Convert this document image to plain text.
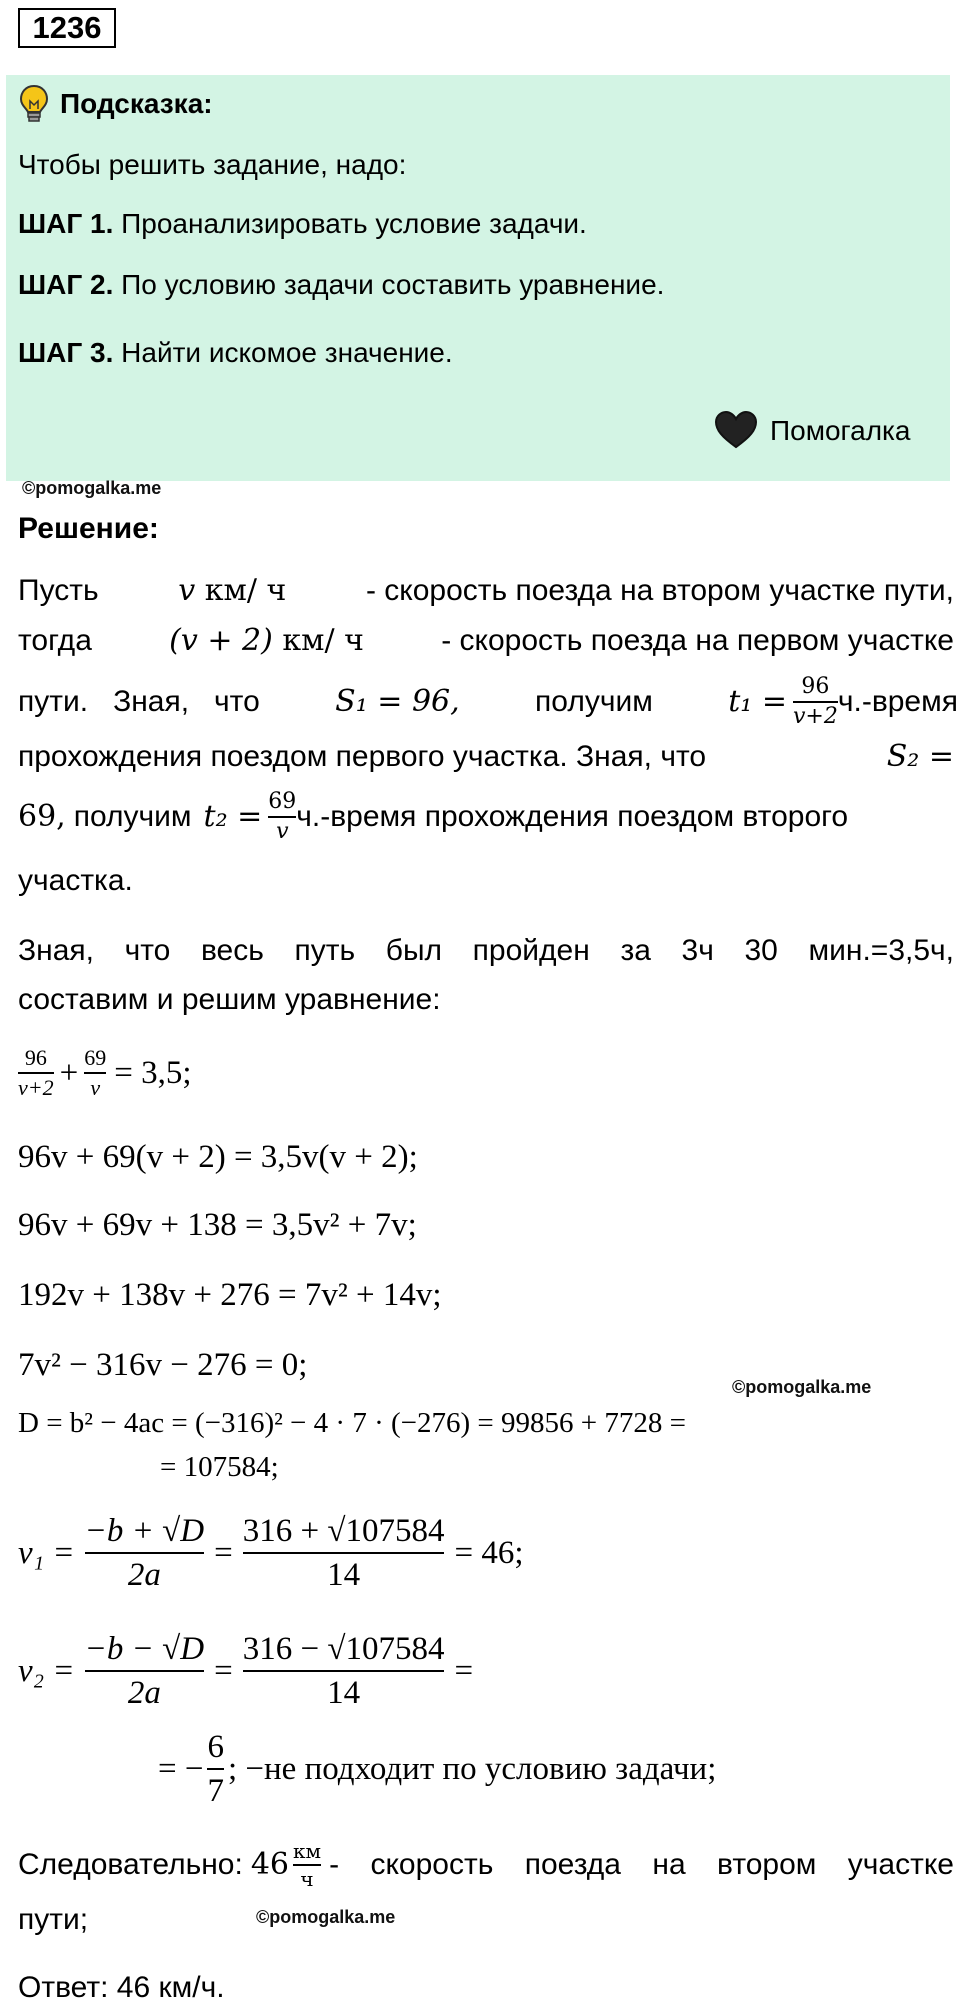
1236
Подсказка:
Чтобы решить задание, надо:
ШАГ 1. Проанализировать условие задачи.
ШАГ 2. По условию задачи составить уравнение.
ШАГ 3. Найти искомое значение.
Помогалка
©pomogalka.me
Решение:
Пусть	v км/ ч	- скорость поезда на втором участке пути,
тогда	(v + 2) км/ ч	- скорость поезда на первом участке
пути.   Зная,   что	S₁ = 96,	получим	$t_1 = \frac{96}{v+2}$ ч.-время
прохождения поездом первого участка. Зная, что	S₂ =
69, получим $t_2 = \frac{69}{v}$ ч.-время прохождения поездом второго
участка.
Зная, что весь путь был пройден за 3ч 30 мин.=3,5ч,
составим и решим уравнение:
$\frac{96}{v+2} + \frac{69}{v} = 3,5$;
96v + 69(v + 2) = 3,5v(v + 2);
96v + 69v + 138 = 3,5v² + 7v;
192v + 138v + 276 = 7v² + 14v;
7v² − 316v − 276 = 0;
©pomogalka.me
D = b² − 4ac = (−316)² − 4 · 7 · (−276) = 99856 + 7728 =
= 107584;
$v_1 = \frac{-b + √D}{2a} = \frac{316 + √107584}{14} = 46$;
$v_2 = \frac{-b - √D}{2a} = \frac{316 - √107584}{14}$ =
= − $\frac{6}{7}$ ; −не подходит по условию задачи;
Следовательно: $46 \frac{км}{ч}$ - скорость поезда на втором участке
пути;	©pomogalka.me
Ответ: 46 км/ч.
